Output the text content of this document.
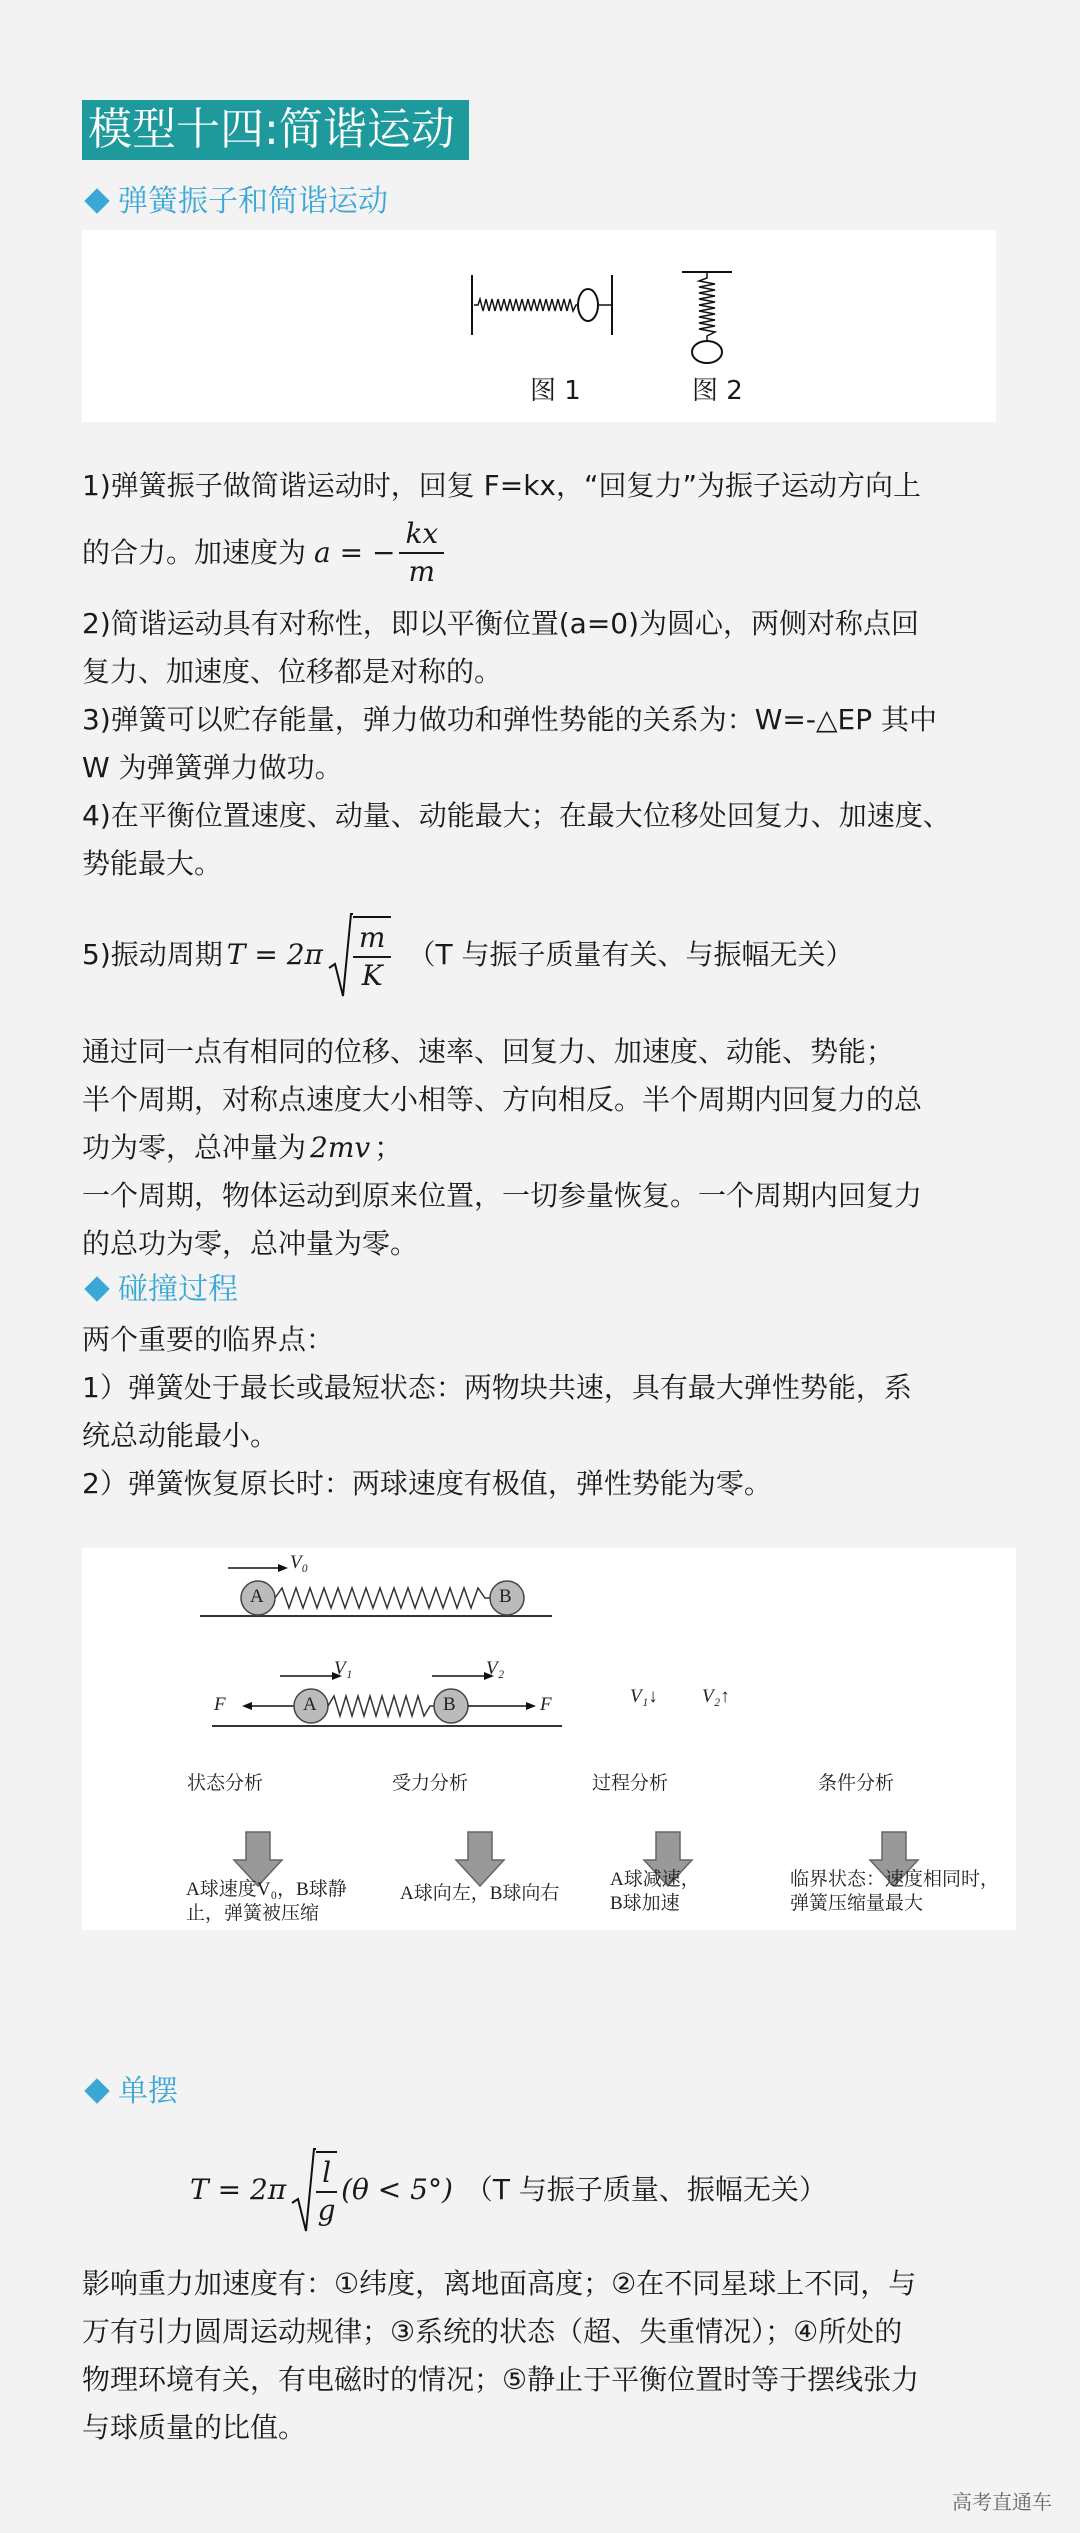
模型十四:简谐运动
弹簧振子和简谐运动
图 1	图 2
1)弹簧振子做简谐运动时，回复 F=kx，“回复力”为振子运动方向上
的合力。加速度为 a = − $\frac{kx}{m}$
2)简谐运动具有对称性，即以平衡位置(a=0)为圆心，两侧对称点回
复力、加速度、位移都是对称的。
3)弹簧可以贮存能量，弹力做功和弹性势能的关系为：W=-△EP 其中
W 为弹簧弹力做功。
4)在平衡位置速度、动量、动能最大；在最大位移处回复力、加速度、
势能最大。
5)振动周期 $T = 2\pi \frac{m}{K} (T$ 与振子质量有关、与振幅无关）
通过同一点有相同的位移、速率、回复力、加速度、动能、势能；
半个周期，对称点速度大小相等、方向相反。半个周期内回复力的总
功为零，总冲量为 2mv ；
一个周期，物体运动到原来位置，一切参量恢复。一个周期内回复力
的总功为零，总冲量为零。
碰撞过程
两个重要的临界点：
1）弹簧处于最长或最短状态：两物块共速，具有最大弹性势能，系
统总动能最小。
2）弹簧恢复原长时：两球速度有极值，弹性势能为零。
V₀
A	B
V₁	V₂
F	A	B	F	V₁↓ V₂↑
状态分析	受力分析	过程分析	条件分析
A球速度V₀，B球静
止，弹簧被压缩
A球向左，B球向右
A球减速，
B球加速
临界状态：速度相同时，
弹簧压缩量最大
单摆
$T = 2\pi \frac{l}{g} (\theta < 5^\circ)$ （T 与振子质量、振幅无关）
影响重力加速度有：①纬度，离地面高度；②在不同星球上不同，与
万有引力圆周运动规律；③系统的状态（超、失重情况）；④所处的
物理环境有关，有电磁时的情况；⑤静止于平衡位置时等于摆线张力
与球质量的比值。
高考直通车
